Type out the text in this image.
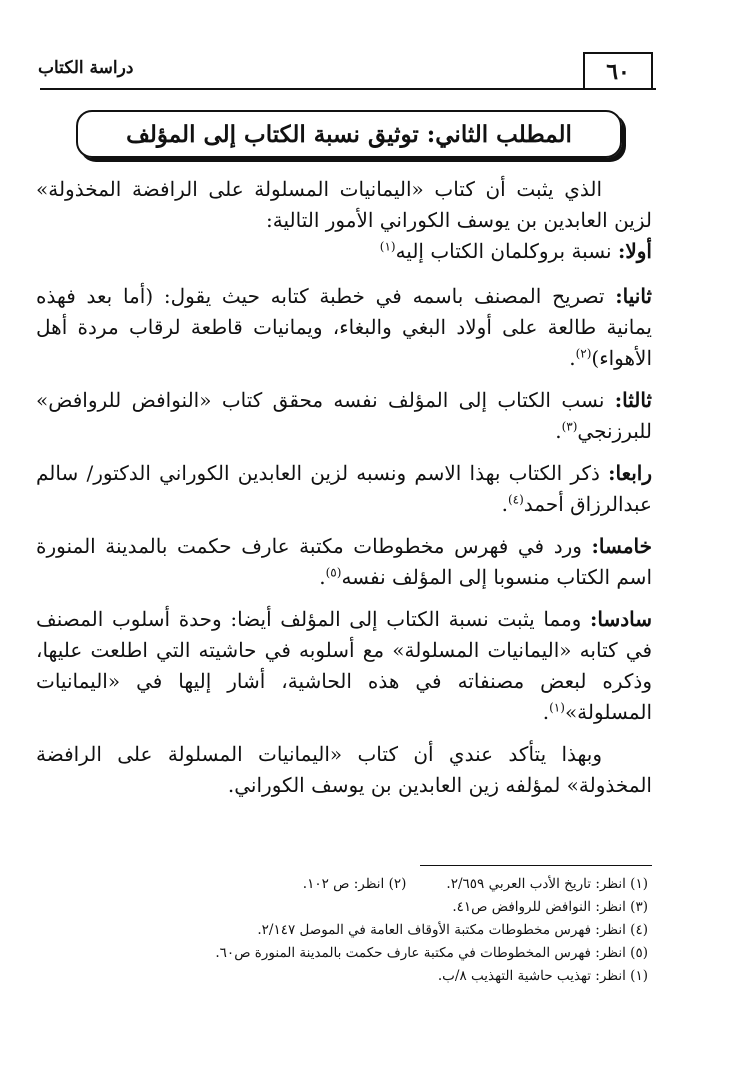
٦٠
دراسة الكتاب
المطلب الثاني: توثيق نسبة الكتاب إلى المؤلف

الذي يثبت أن كتاب «اليمانيات المسلولة على الرافضة المخذولة» لزين العابدين بن يوسف الكوراني الأمور التالية:

أولا: نسبة بروكلمان الكتاب إليه$^{(١)}$

ثانيا: تصريح المصنف باسمه في خطبة كتابه حيث يقول: (أما بعد فهذه يمانية طالعة على أولاد البغي والبغاء، ويمانيات قاطعة لرقاب مردة أهل الأهواء)$^{(٢)}$.

ثالثا: نسب الكتاب إلى المؤلف نفسه محقق كتاب «النوافض للروافض» للبرزنجي$^{(٣)}$.

رابعا: ذكر الكتاب بهذا الاسم ونسبه لزين العابدين الكوراني الدكتور/ سالم عبدالرزاق أحمد$^{(٤)}$.

خامسا: ورد في فهرس مخطوطات مكتبة عارف حكمت بالمدينة المنورة اسم الكتاب منسوبا إلى المؤلف نفسه$^{(٥)}$.

سادسا: ومما يثبت نسبة الكتاب إلى المؤلف أيضا: وحدة أسلوب المصنف في كتابه «اليمانيات المسلولة» مع أسلوبه في حاشيته التي اطلعت عليها، وذكره لبعض مصنفاته في هذه الحاشية، أشار إليها في «اليمانيات المسلولة»$^{(١)}$.

وبهذا يتأكد عندي أن كتاب «اليمانيات المسلولة على الرافضة المخذولة» لمؤلفه زين العابدين بن يوسف الكوراني.

(١) انظر: تاريخ الأدب العربي ٢/٦٥٩.
(٢) انظر: ص ١٠٢.
(٣) انظر: النوافض للروافض ص٤١.
(٤) انظر: فهرس مخطوطات مكتبة الأوقاف العامة في الموصل ٢/١٤٧.
(٥) انظر: فهرس المخطوطات في مكتبة عارف حكمت بالمدينة المنورة ص٦٠.
(١) انظر: تهذيب حاشية التهذيب ٨/ب.
